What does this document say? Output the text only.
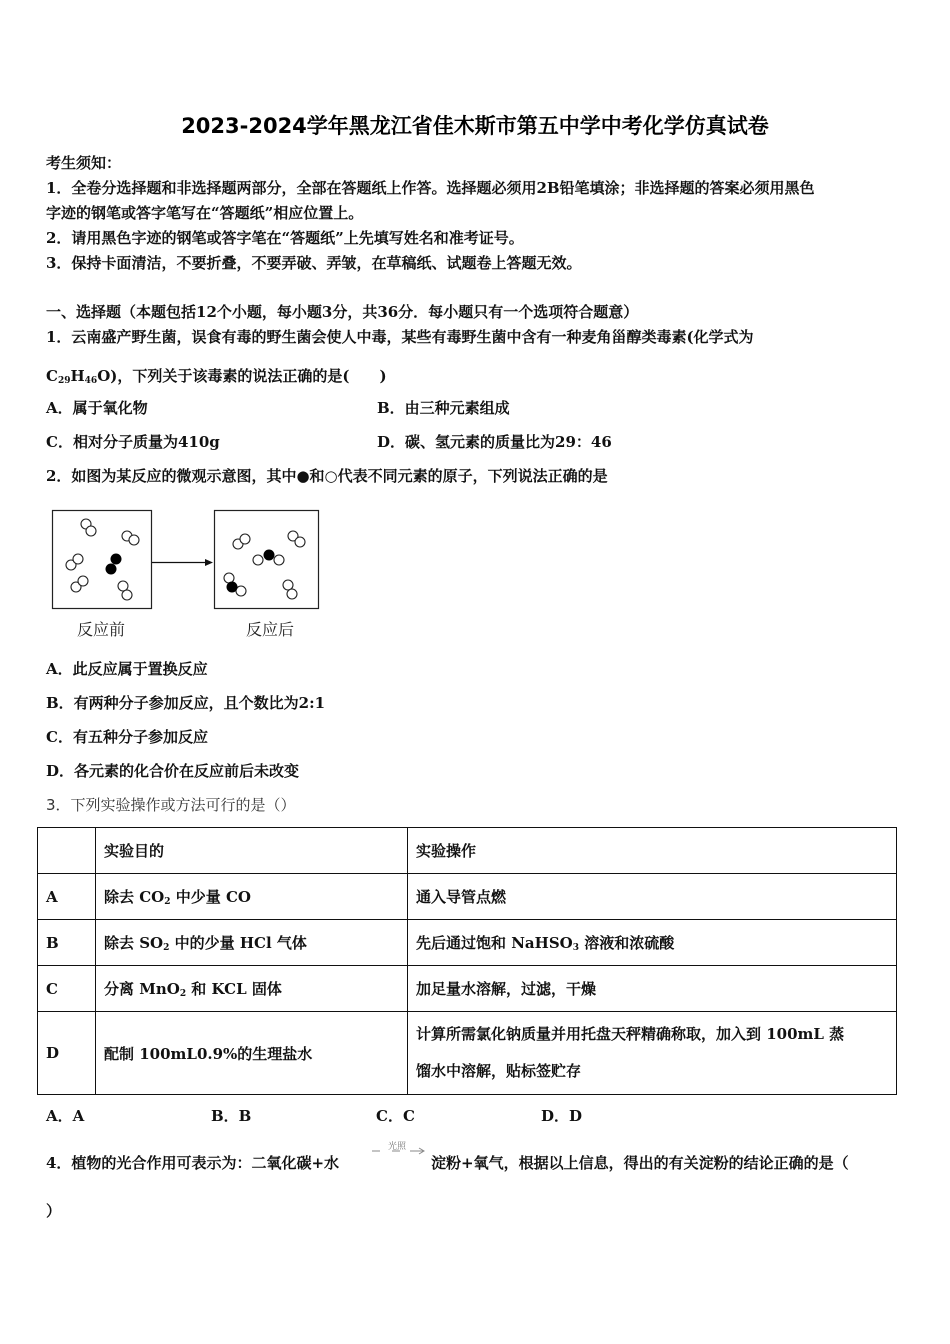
2023-2024学年黑龙江省佳木斯市第五中学中考化学仿真试卷
考生须知：
1．全卷分选择题和非选择题两部分，全部在答题纸上作答。选择题必须用2B铅笔填涂；非选择题的答案必须用黑色
字迹的钢笔或答字笔写在“答题纸”相应位置上。
2．请用黑色字迹的钢笔或答字笔在“答题纸”上先填写姓名和准考证号。
3．保持卡面清洁，不要折叠，不要弄破、弄皱，在草稿纸、试题卷上答题无效。
一、选择题（本题包括12个小题，每小题3分，共36分．每小题只有一个选项符合题意）
1．云南盛产野生菌，误食有毒的野生菌会使人中毒，某些有毒野生菌中含有一种麦角甾醇类毒素(化学式为
$C_{29}H_{46}O$)，下列关于该毒素的说法正确的是(　　)
A．属于氧化物	B．由三种元素组成
C．相对分子质量为410g	D．碳、氢元素的质量比为29：46
2．如图为某反应的微观示意图，其中●和○代表不同元素的原子，下列说法正确的是
反应前	反应后
A．此反应属于置换反应
B．有两种分子参加反应，且个数比为2:1
C．有五种分子参加反应
D．各元素的化合价在反应前后未改变
3．下列实验操作或方法可行的是（）
	实验目的	实验操作
A	除去 $CO_2$ 中少量 CO	通入导管点燃
B	除去 $SO_2$ 中的少量 HCl 气体	先后通过饱和 NaHSO$_3$ 溶液和浓硫酸
C	分离 MnO$_2$ 和 KCL 固体	加足量水溶解，过滤，干燥
D	配制 100mL0.9%的生理盐水	计算所需氯化钠质量并用托盘天秤精确称取，加入到 100mL 蒸
馏水中溶解，贴标签贮存
A．A	B．B	C．C	D．D
4．植物的光合作用可表示为：二氧化碳+水
光照
淀粉+氧气，根据以上信息，得出的有关淀粉的结论正确的是（
）
